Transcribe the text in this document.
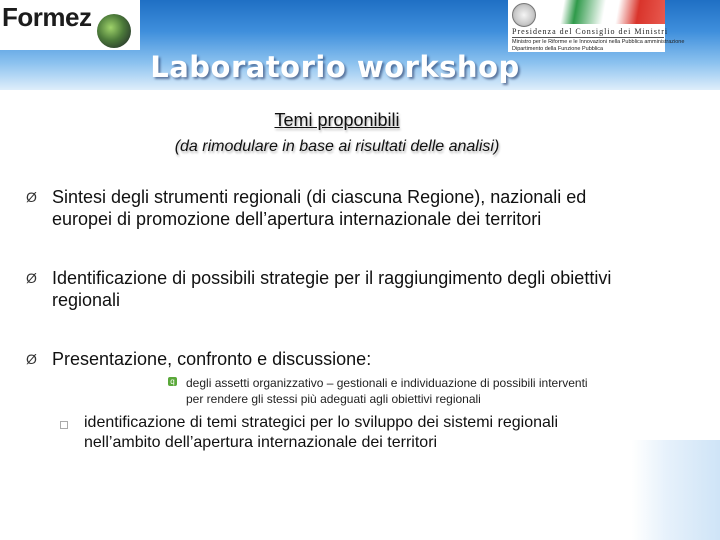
Formez	Presidenza del Consiglio dei Ministri
Ministro per le Riforme e le Innovazioni nella Pubblica amministrazione
Dipartimento della Funzione Pubblica
Laboratorio workshop
Temi proponibili
(da rimodulare in base ai risultati delle analisi)
Ø Sintesi degli strumenti regionali (di ciascuna Regione), nazionali ed europei di promozione dell’apertura internazionale dei territori
Ø Identificazione di possibili strategie per il raggiungimento degli obiettivi regionali
Ø Presentazione, confronto e discussione:
q degli assetti organizzativo – gestionali e individuazione di possibili interventi per rendere gli stessi più adeguati agli obiettivi regionali
identificazione di temi strategici per lo sviluppo dei sistemi regionali nell’ambito dell’apertura internazionale dei territori
